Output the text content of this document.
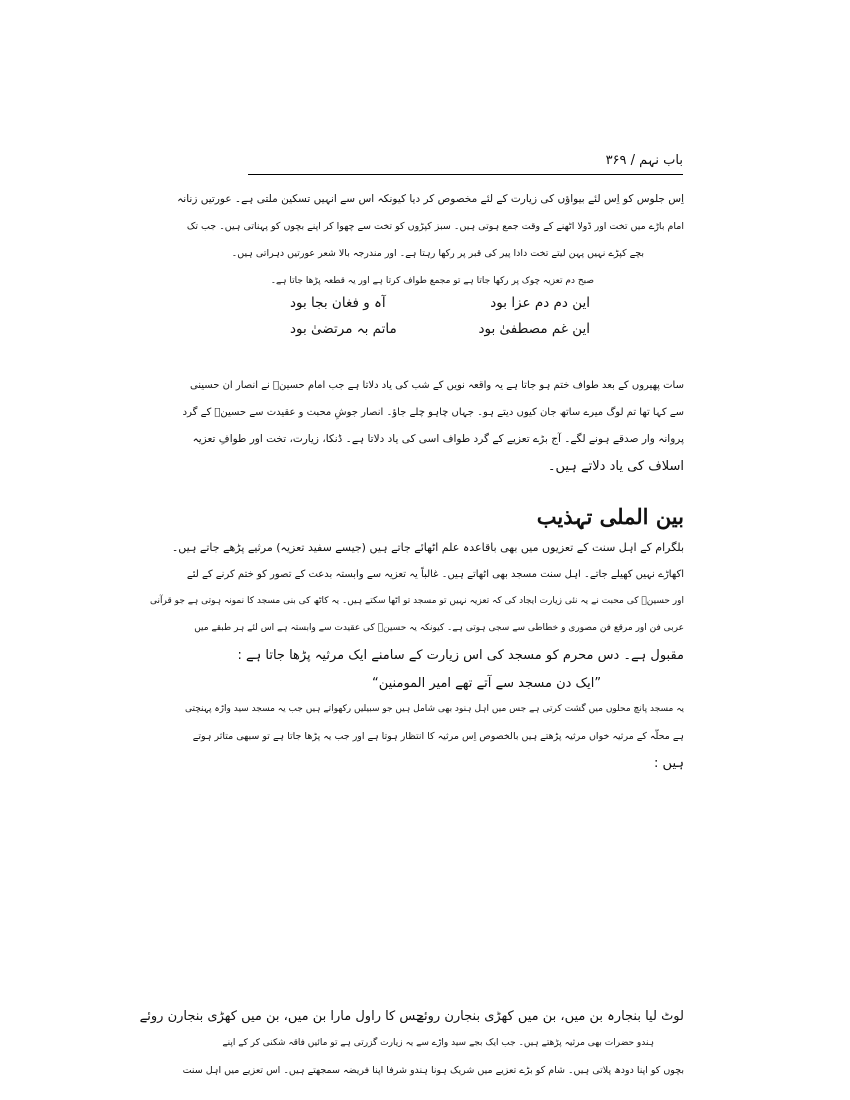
باب نہم / ۳۶۹
اِس جلوس کو اِس لئے بیواؤں کی زیارت کے لئے مخصوص کر دیا کیونکہ اس سے انہیں تسکین ملتی ہے۔ عورتیں زنانہ
امام باڑے میں تخت اور ڈولا اٹھنے کے وقت جمع ہوتی ہیں۔ سبز کپڑوں کو تخت سے چھوا کر اپنے بچوں کو پہناتی ہیں۔ جب تک
بچے کپڑے نہیں پہن لیتے تخت دادا پیر کی قبر پر رکھا رہتا ہے۔ اور مندرجہ بالا شعر عورتیں دہراتی ہیں۔
صبح دم تعزیہ چوک پر رکھا جاتا ہے تو مجمع طواف کرتا ہے اور یہ قطعہ پڑھا جاتا ہے۔
این دم دم عزا بود
آہ و فغان بجا بود
این غم مصطفیٰ بود
ماتم بہ مرتضیٰ بود
سات پھیروں کے بعد طواف ختم ہو جاتا ہے یہ واقعہ نویں کے شب کی یاد دلاتا ہے جب امام حسینؑ نے انصار ان حسینی
سے کہا تھا تم لوگ میرے ساتھ جان کیوں دیتے ہو۔ جہاں چاہو چلے جاؤ۔ انصار جوشِ محبت و عقیدت سے حسینؑ کے گرد
پروانہ وار صدقے ہونے لگے۔ آج بڑے تعزیے کے گرد طواف اسی کی یاد دلاتا ہے۔ ڈنکا، زیارت، تخت اور طوافِ تعزیہ
اسلاف کی یاد دلاتے ہیں۔
بین الملی تہذیب
بلگرام کے اہل سنت کے تعزیوں میں بھی باقاعدہ علم اٹھائے جاتے ہیں (جیسے سفید تعزیہ) مرثیے پڑھے جاتے ہیں۔
اکھاڑے نہیں کھیلے جاتے۔ اہل سنت مسجد بھی اٹھاتے ہیں۔ غالباً یہ تعزیہ سے وابستہ بدعت کے تصور کو ختم کرنے کے لئے
اور حسینؑ کی محبت نے یہ نئی زیارت ایجاد کی کہ تعزیہ نہیں تو مسجد تو اٹھا سکتے ہیں۔ یہ کاٹھ کی بنی مسجد کا نمونہ ہوتی ہے جو قرآنی
عربی فن اور مرقع فن مصوری و خطاطی سے سجی ہوتی ہے۔ کیونکہ یہ حسینؑ کی عقیدت سے وابستہ ہے اس لئے ہر طبقے میں
مقبول ہے۔ دس محرم کو مسجد کی اس زیارت کے سامنے ایک مرثیہ پڑھا جاتا ہے :
”ایک دن مسجد سے آتے تھے امیر المومنین“
یہ مسجد پانچ محلوں میں گشت کرتی ہے جس میں اہل ہنود بھی شامل ہیں جو سبیلیں رکھواتے ہیں جب یہ مسجد سید واڑہ پہنچتی
ہے محلّہ کے مرثیہ خواں مرثیہ پڑھتے ہیں بالخصوص اِس مرثیہ کا انتظار ہوتا ہے اور جب یہ پڑھا جاتا ہے تو سبھی متاثر ہوتے
ہیں :
لوٹ لیا بنجارہ بن میں، بن میں کھڑی بنجارن روئے
جس کا راول مارا بن میں، بن میں کھڑی بنجارن روئے
ہندو حضرات بھی مرثیہ پڑھتے ہیں۔ جب ایک بجے سید واڑے سے یہ زیارت گزرتی ہے تو مائیں فاقہ شکنی کر کے اپنے
بچوں کو اپنا دودھ پلاتی ہیں۔ شام کو بڑے تعزیے میں شریک ہونا ہندو شرفا اپنا فریضہ سمجھتے ہیں۔ اس تعزیے میں اہل سنت
